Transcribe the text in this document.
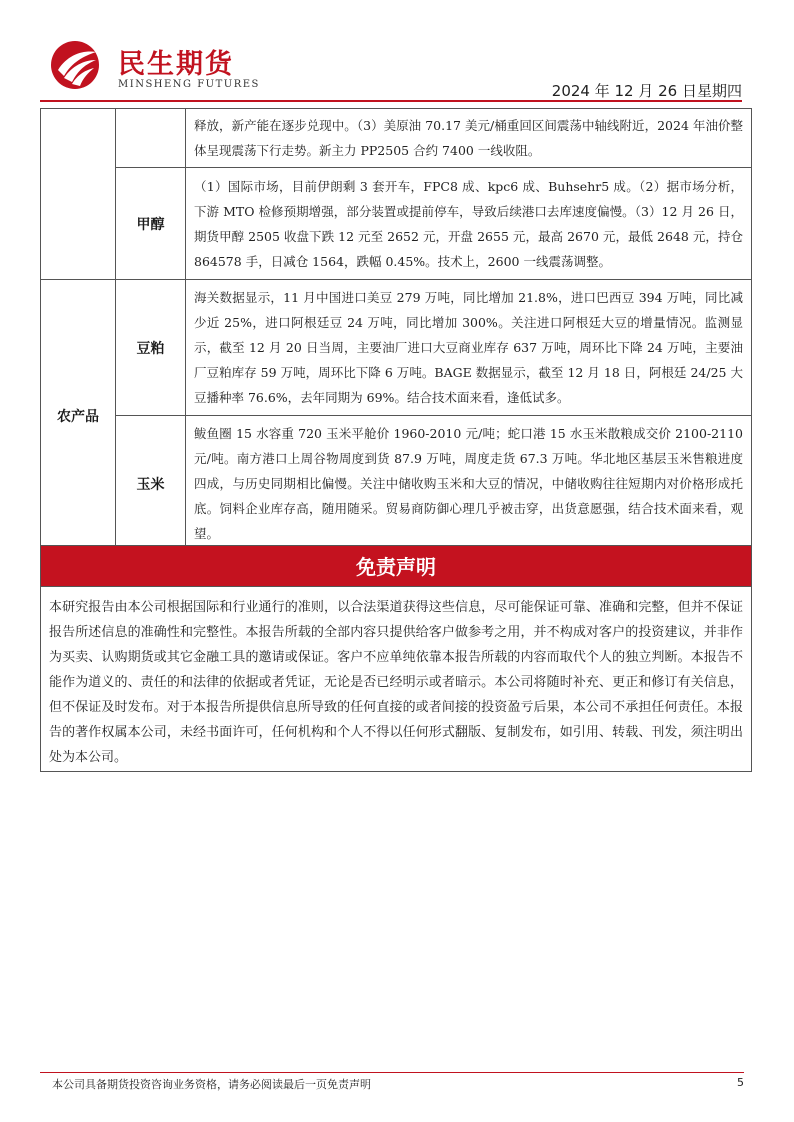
民生期货
MINSHENG FUTURES	2024 年 12 月 26 日星期四
		释放，新产能在逐步兑现中。（3）美原油 70.17 美元/桶重回区间震荡中轴线附近，2024 年油价整体呈现震荡下行走势。新主力 PP2505 合约 7400 一线收阻。
	甲醇	（1）国际市场，目前伊朗剩 3 套开车，FPC8 成、kpc6 成、Buhsehr5 成。（2）据市场分析，下游 MTO 检修预期增强，部分装置或提前停车，导致后续港口去库速度偏慢。（3）12 月 26 日，期货甲醇 2505 收盘下跌 12 元至 2652 元，开盘 2655 元，最高 2670 元，最低 2648 元，持仓 864578 手，日减仓 1564，跌幅 0.45%。技术上，2600 一线震荡调整。
农产品	豆粕	海关数据显示，11 月中国进口美豆 279 万吨，同比增加 21.8%，进口巴西豆 394 万吨，同比减少近 25%，进口阿根廷豆 24 万吨，同比增加 300%。关注进口阿根廷大豆的增量情况。监测显示，截至 12 月 20 日当周，主要油厂进口大豆商业库存 637 万吨，周环比下降 24 万吨，主要油厂豆粕库存 59 万吨，周环比下降 6 万吨。BAGE 数据显示，截至 12 月 18 日，阿根廷 24/25 大豆播种率 76.6%，去年同期为 69%。结合技术面来看，逢低试多。
	玉米	鲅鱼圈 15 水容重 720 玉米平舱价 1960-2010 元/吨；蛇口港 15 水玉米散粮成交价 2100-2110 元/吨。南方港口上周谷物周度到货 87.9 万吨，周度走货 67.3 万吨。华北地区基层玉米售粮进度四成，与历史同期相比偏慢。关注中储收购玉米和大豆的情况，中储收购往往短期内对价格形成托底。饲料企业库存高，随用随采。贸易商防御心理几乎被击穿，出货意愿强，结合技术面来看，观望。
免责声明
本研究报告由本公司根据国际和行业通行的准则，以合法渠道获得这些信息，尽可能保证可靠、准确和完整，但并不保证报告所述信息的准确性和完整性。本报告所载的全部内容只提供给客户做参考之用，并不构成对客户的投资建议，并非作为买卖、认购期货或其它金融工具的邀请或保证。客户不应单纯依靠本报告所载的内容而取代个人的独立判断。本报告不能作为道义的、责任的和法律的依据或者凭证，无论是否已经明示或者暗示。本公司将随时补充、更正和修订有关信息，但不保证及时发布。对于本报告所提供信息所导致的任何直接的或者间接的投资盈亏后果，本公司不承担任何责任。本报告的著作权属本公司，未经书面许可，任何机构和个人不得以任何形式翻版、复制发布，如引用、转载、刊发，须注明出处为本公司。
本公司具备期货投资咨询业务资格，请务必阅读最后一页免责声明	5
